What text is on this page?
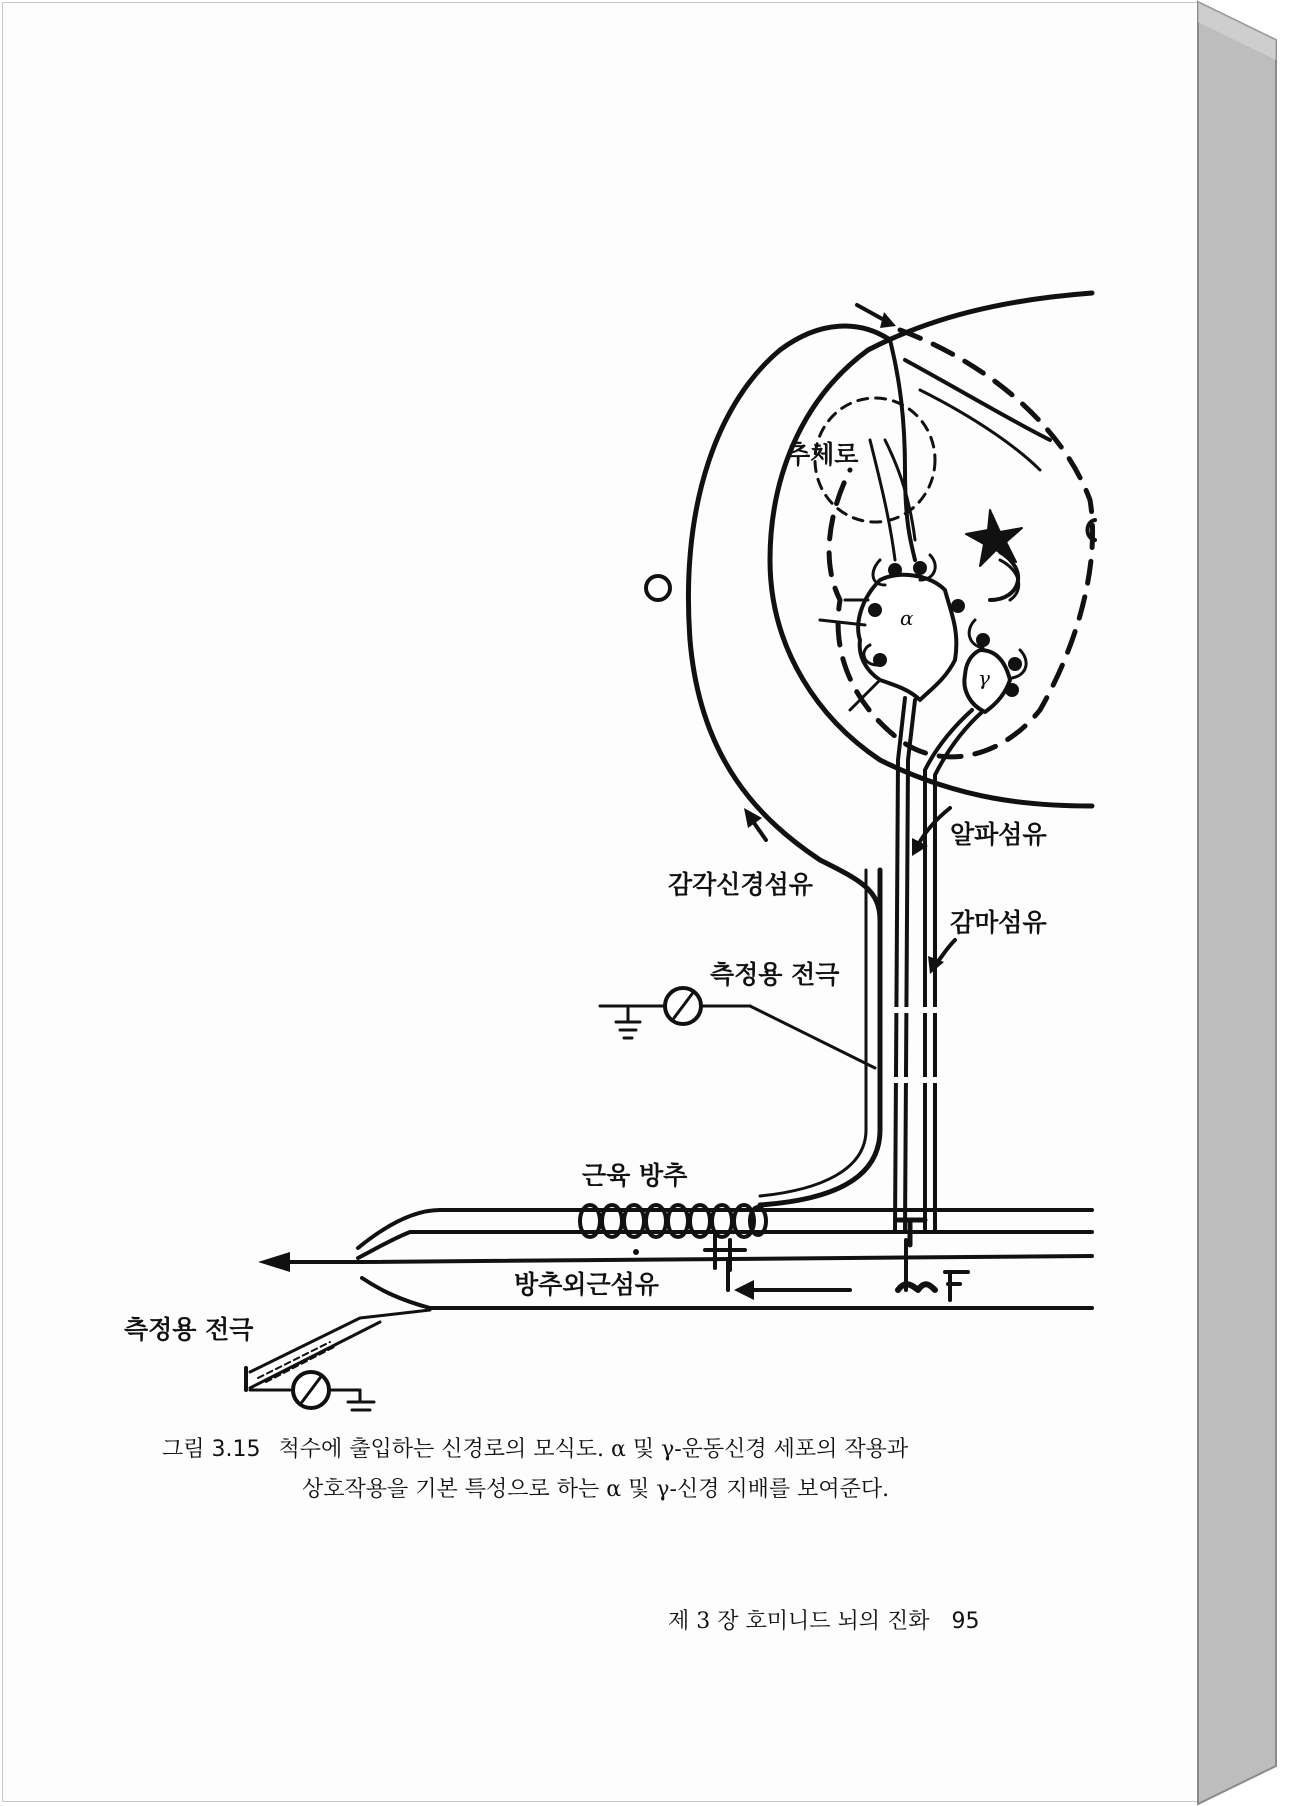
추체로
알파섬유
감각신경섬유
감마섬유
측정용 전극
근육 방추
방추외근섬유
측정용 전극
α
γ
그림 3.15 척수에 출입하는 신경로의 모식도. α 및 γ-운동신경 세포의 작용과
상호작용을 기본 특성으로 하는 α 및 γ-신경 지배를 보여준다.
제 3 장 호미니드 뇌의 진화 95
